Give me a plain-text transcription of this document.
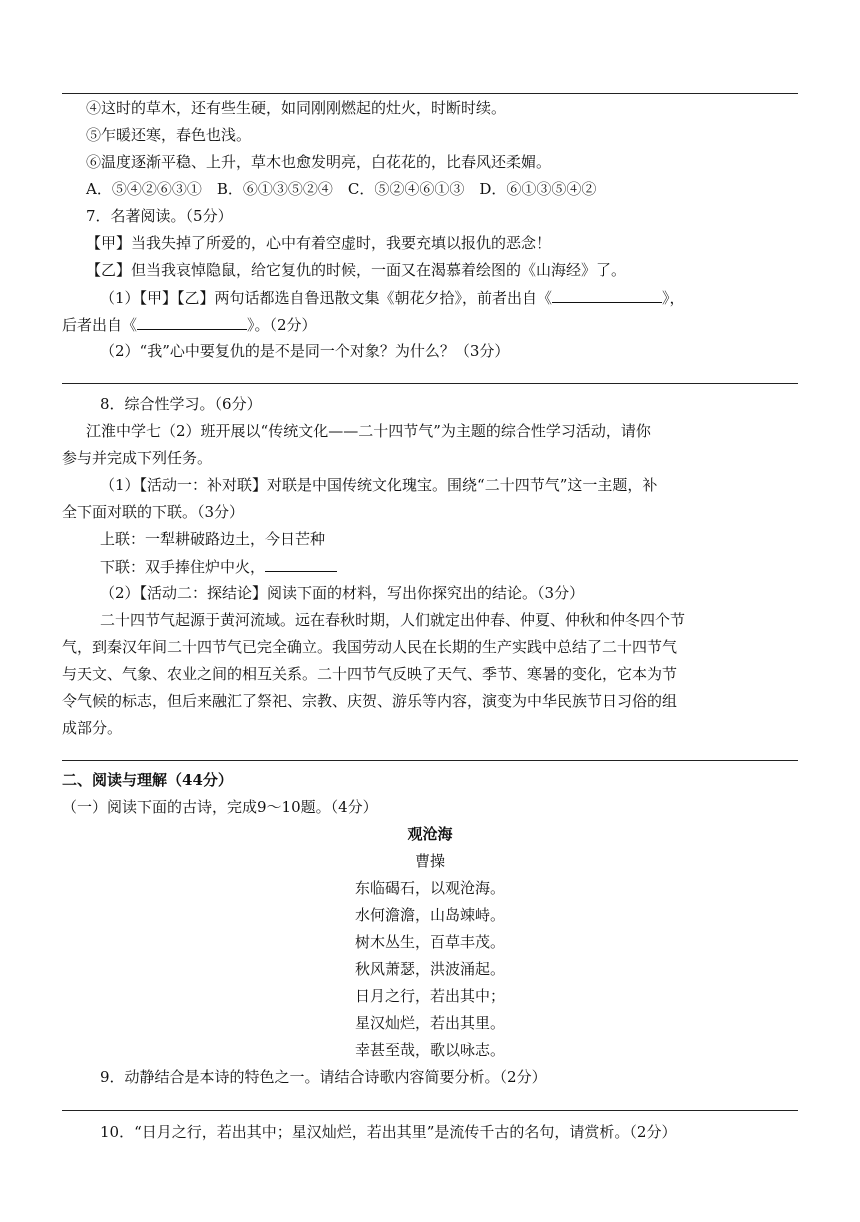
④这时的草木，还有些生硬，如同刚刚燃起的灶火，时断时续。
⑤乍暖还寒，春色也浅。
⑥温度逐渐平稳、上升，草木也愈发明亮，白花花的，比春风还柔媚。
A．⑤④②⑥③①　B．⑥①③⑤②④　C．⑤②④⑥①③　D．⑥①③⑤④②
7．名著阅读。（5分）
【甲】当我失掉了所爱的，心中有着空虚时，我要充填以报仇的恶念！
【乙】但当我哀悼隐鼠，给它复仇的时候，一面又在渴慕着绘图的《山海经》了。
（1）【甲】【乙】两句话都选自鲁迅散文集《朝花夕拾》，前者出自《	》，
后者出自《	》。（2分）
（2）“我”心中要复仇的是不是同一个对象？为什么？（3分）
8．综合性学习。（6分）
江淮中学七（2）班开展以“传统文化——二十四节气”为主题的综合性学习活动，请你
参与并完成下列任务。
（1）【活动一：补对联】对联是中国传统文化瑰宝。围绕“二十四节气”这一主题，补
全下面对联的下联。（3分）
上联：一犁耕破路边土，今日芒种
下联：双手捧住炉中火，
（2）【活动二：探结论】阅读下面的材料，写出你探究出的结论。（3分）
二十四节气起源于黄河流域。远在春秋时期，人们就定出仲春、仲夏、仲秋和仲冬四个节
气，到秦汉年间二十四节气已完全确立。我国劳动人民在长期的生产实践中总结了二十四节气
与天文、气象、农业之间的相互关系。二十四节气反映了天气、季节、寒暑的变化，它本为节
令气候的标志，但后来融汇了祭祀、宗教、庆贺、游乐等内容，演变为中华民族节日习俗的组
成部分。
二、阅读与理解（44分）
（一）阅读下面的古诗，完成9～10题。（4分）
观沧海
曹操
东临碣石，以观沧海。
水何澹澹，山岛竦峙。
树木丛生，百草丰茂。
秋风萧瑟，洪波涌起。
日月之行，若出其中；
星汉灿烂，若出其里。
幸甚至哉，歌以咏志。
9．动静结合是本诗的特色之一。请结合诗歌内容简要分析。（2分）
10．“日月之行，若出其中；星汉灿烂，若出其里”是流传千古的名句，请赏析。（2分）
